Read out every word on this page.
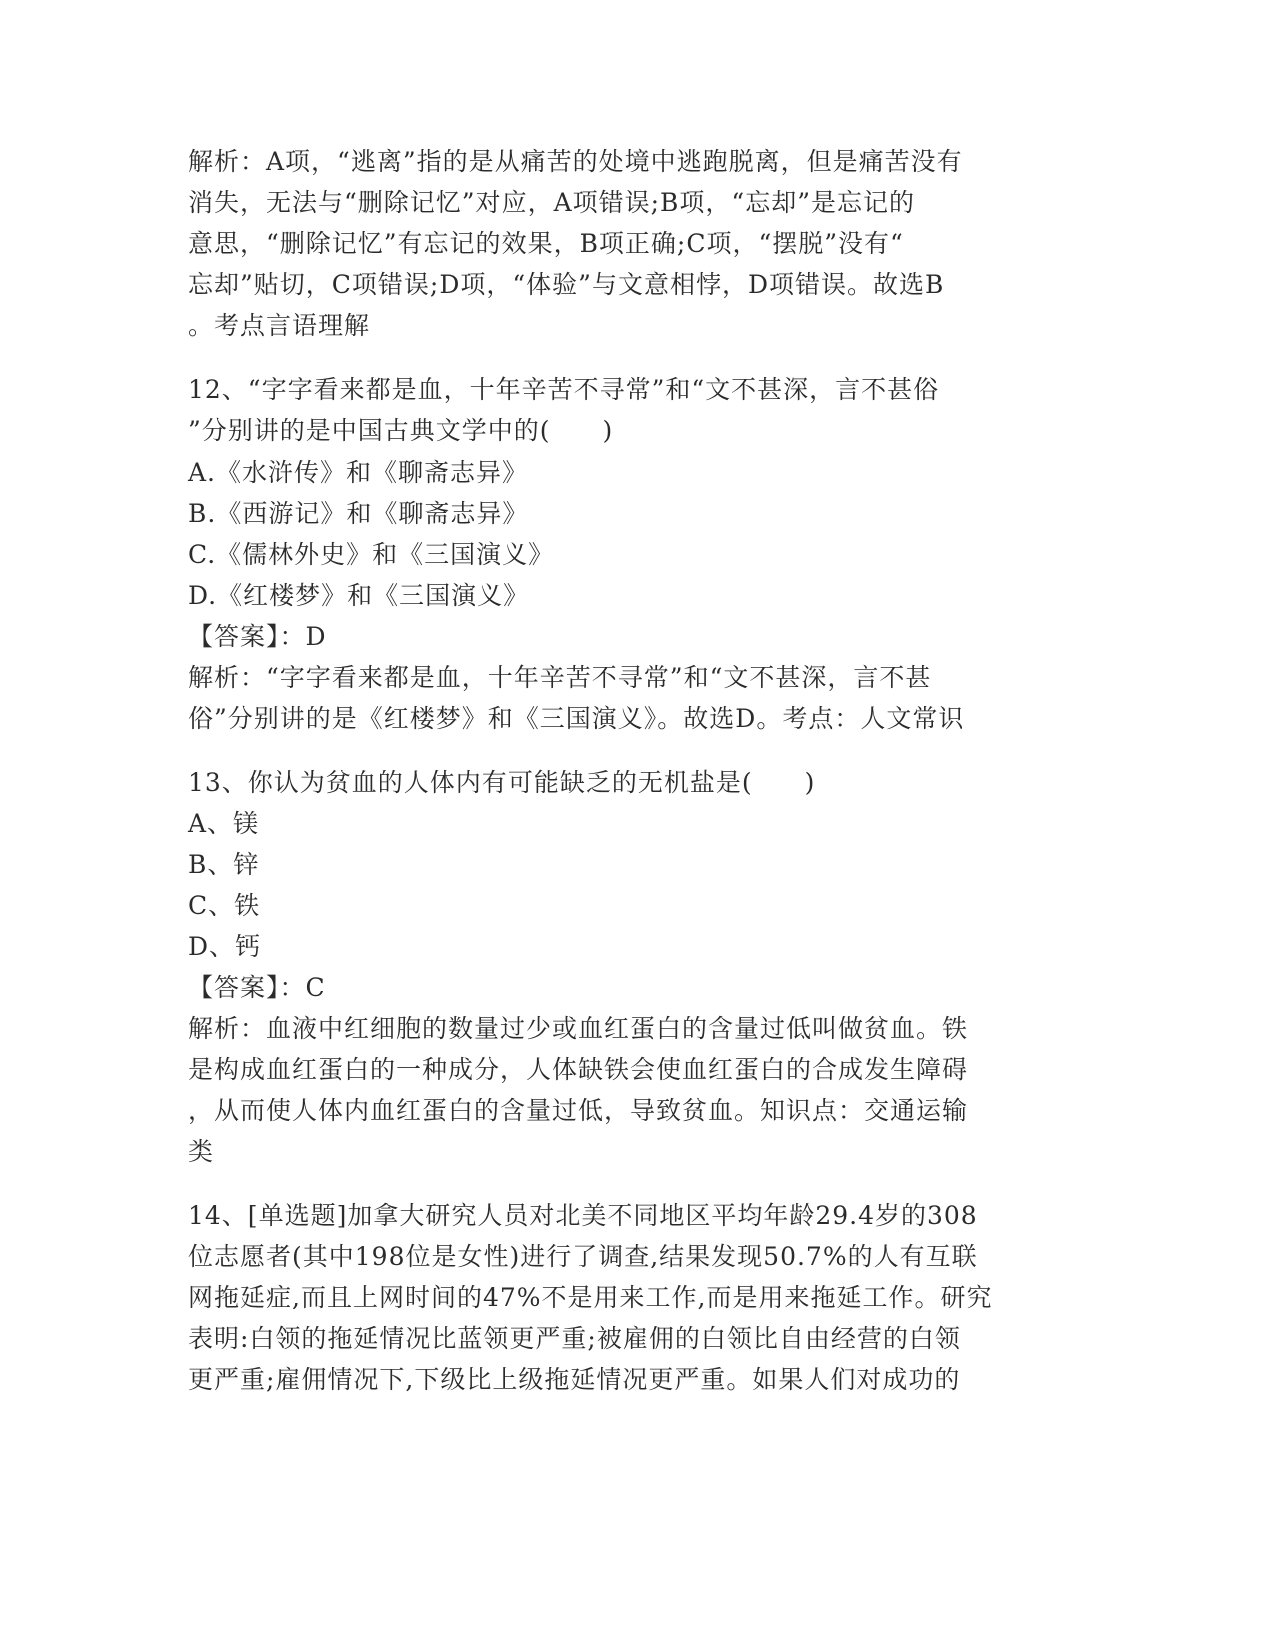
解析：A项，“逃离”指的是从痛苦的处境中逃跑脱离，但是痛苦没有
消失，无法与“删除记忆”对应，A项错误;B项，“忘却”是忘记的
意思，“删除记忆”有忘记的效果，B项正确;C项，“摆脱”没有“
忘却”贴切，C项错误;D项，“体验”与文意相悖，D项错误。故选B
。考点言语理解
12、“字字看来都是血，十年辛苦不寻常”和“文不甚深，言不甚俗
”分别讲的是中国古典文学中的(　　)
A.《水浒传》和《聊斋志异》
B.《西游记》和《聊斋志异》
C.《儒林外史》和《三国演义》
D.《红楼梦》和《三国演义》
【答案】：D
解析：“字字看来都是血，十年辛苦不寻常”和“文不甚深，言不甚
俗”分别讲的是《红楼梦》和《三国演义》。故选D。考点：人文常识
13、你认为贫血的人体内有可能缺乏的无机盐是(　　)
A、镁
B、锌
C、铁
D、钙
【答案】：C
解析：血液中红细胞的数量过少或血红蛋白的含量过低叫做贫血。铁
是构成血红蛋白的一种成分，人体缺铁会使血红蛋白的合成发生障碍
，从而使人体内血红蛋白的含量过低，导致贫血。知识点：交通运输
类
14、[单选题]加拿大研究人员对北美不同地区平均年龄29.4岁的308
位志愿者(其中198位是女性)进行了调查,结果发现50.7%的人有互联
网拖延症,而且上网时间的47%不是用来工作,而是用来拖延工作。研究
表明:白领的拖延情况比蓝领更严重;被雇佣的白领比自由经营的白领
更严重;雇佣情况下,下级比上级拖延情况更严重。如果人们对成功的
